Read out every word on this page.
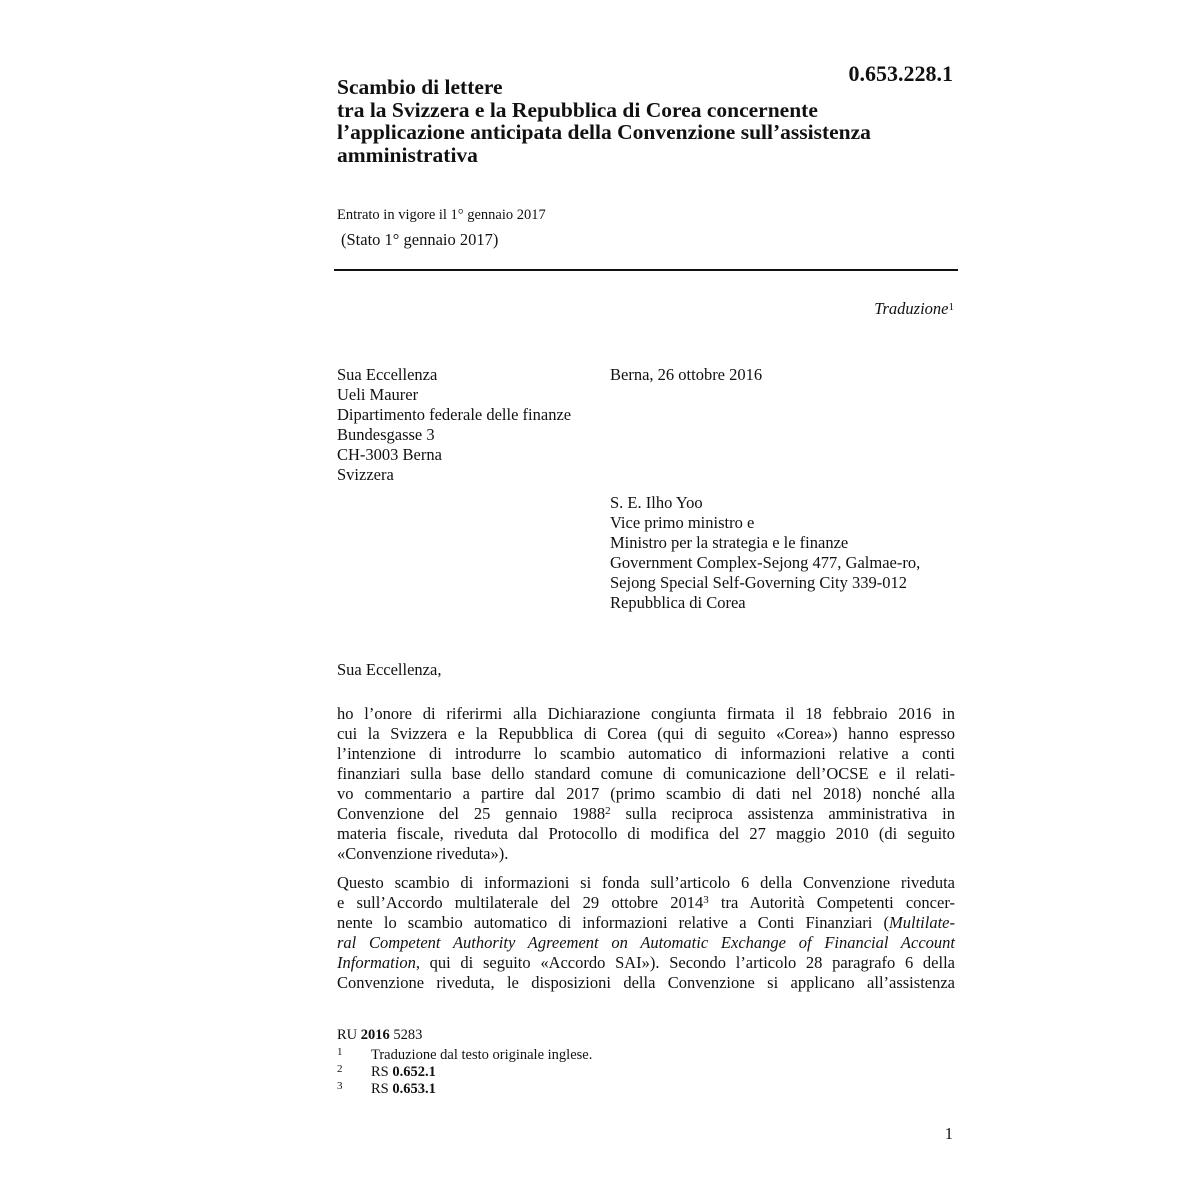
0.653.228.1
Scambio di lettere
tra la Svizzera e la Repubblica di Corea concernente
l’applicazione anticipata della Convenzione sull’assistenza
amministrativa
Entrato in vigore il 1° gennaio 2017
(Stato 1° gennaio 2017)
Traduzione$^1$
Sua Eccellenza
Ueli Maurer
Dipartimento federale delle finanze
Bundesgasse 3
CH-3003 Berna
Svizzera
Berna, 26 ottobre 2016
S. E. Ilho Yoo
Vice primo ministro e
Ministro per la strategia e le finanze
Government Complex-Sejong 477, Galmae-ro,
Sejong Special Self-Governing City 339-012
Repubblica di Corea
Sua Eccellenza,
ho l’onore di riferirmi alla Dichiarazione congiunta firmata il 18 febbraio 2016 in
cui la Svizzera e la Repubblica di Corea (qui di seguito «Corea») hanno espresso
l’intenzione di introdurre lo scambio automatico di informazioni relative a conti
finanziari sulla base dello standard comune di comunicazione dell’OCSE e il relati-
vo commentario a partire dal 2017 (primo scambio di dati nel 2018) nonché alla
Convenzione del 25 gennaio 1988$^2$ sulla reciproca assistenza amministrativa in
materia fiscale, riveduta dal Protocollo di modifica del 27 maggio 2010 (di seguito
«Convenzione riveduta»).
Questo scambio di informazioni si fonda sull’articolo 6 della Convenzione riveduta
e sull’Accordo multilaterale del 29 ottobre 2014$^3$ tra Autorità Competenti concer-
nente lo scambio automatico di informazioni relative a Conti Finanziari (Multilate-
ral Competent Authority Agreement on Automatic Exchange of Financial Account
Information, qui di seguito «Accordo SAI»). Secondo l’articolo 28 paragrafo 6 della
Convenzione riveduta, le disposizioni della Convenzione si applicano all’assistenza
RU 2016 5283
1 Traduzione dal testo originale inglese.
2 RS 0.652.1
3 RS 0.653.1
1
